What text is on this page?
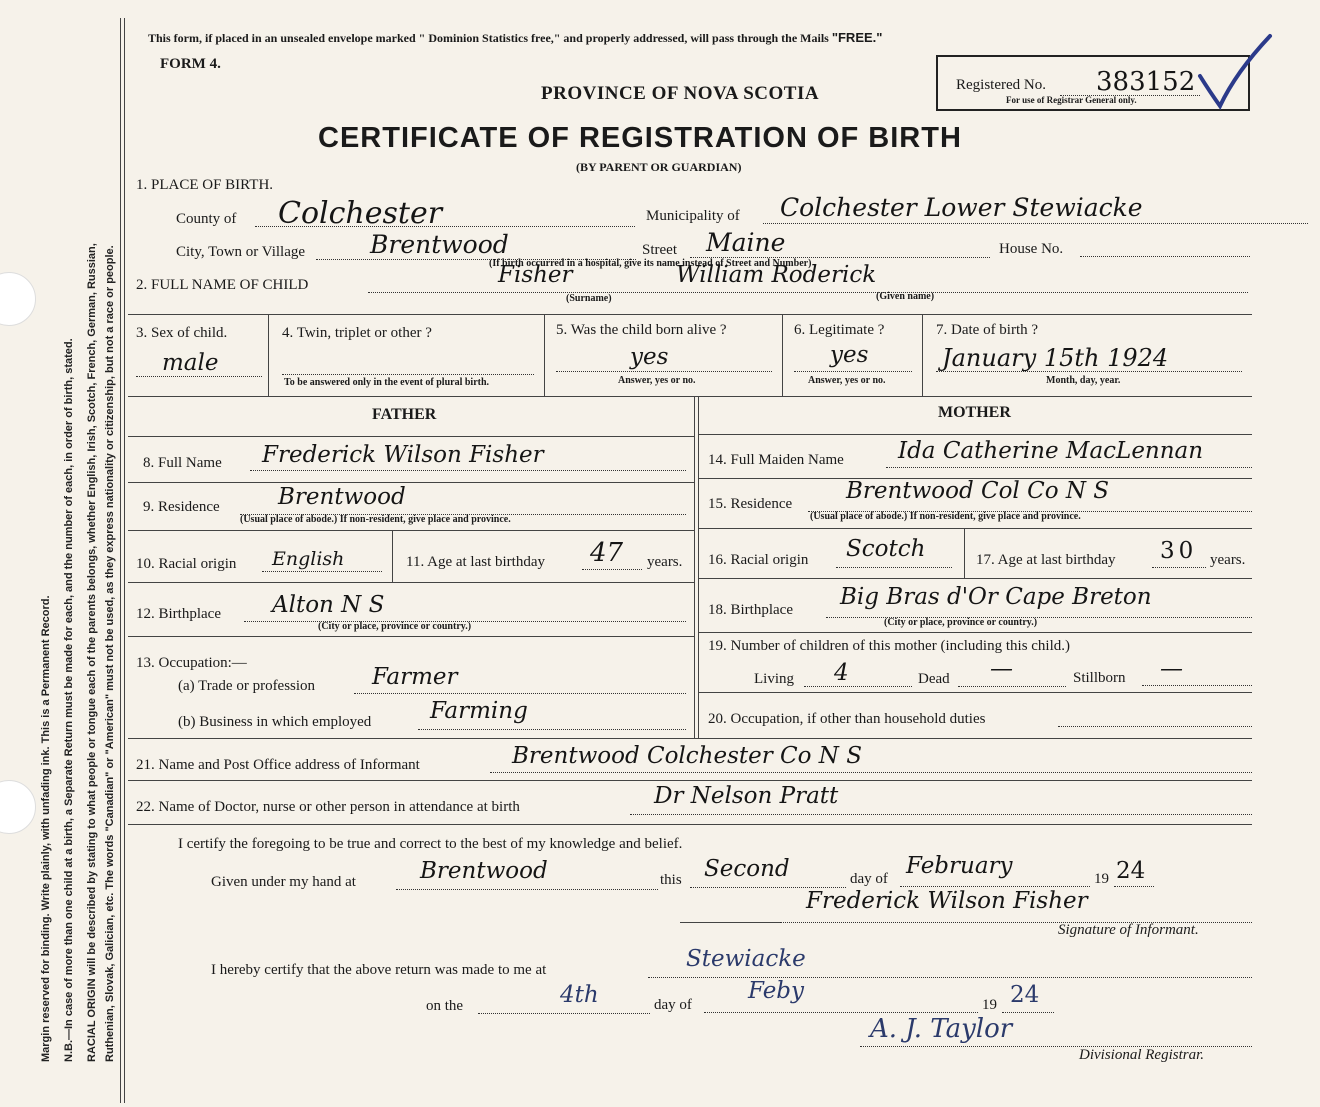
Margin reserved for binding. Write plainly, with unfading ink. This is a Permanent Record. N.B.—In case of more than one child at a birth, a Separate Return must be made for each, and the number of each, in order of birth, stated. RACIAL ORIGIN will be described by stating to what people or tongue each of the parents belongs, whether English, Irish, Scotch, French, German, Russian, Ruthenian, Slovak, Galician, etc. The words "Canadian" or "American" must not be used, as they express nationality or citizenship, but not a race or people.
This form, if placed in an unsealed envelope marked " Dominion Statistics free," and properly addressed, will pass through the Mails "FREE."
FORM 4.
PROVINCE OF NOVA SCOTIA
CERTIFICATE OF REGISTRATION OF BIRTH
(BY PARENT OR GUARDIAN)
Registered No. 383152
For use of Registrar General only.
1. PLACE OF BIRTH.
County of Colchester	Municipality of Colchester Lower Stewiacke
City, Town or Village	Brentwood	Street Maine	House No.
(If birth occurred in a hospital, give its name instead of Street and Number)
2. FULL NAME OF CHILD	Fisher	William Roderick
(Surname)	(Given name)
3. Sex of child.
male
4. Twin, triplet or other ?
To be answered only in the event of plural birth.
5. Was the child born alive ?
yes
Answer, yes or no.
6. Legitimate ?
yes
Answer, yes or no.
7. Date of birth ?
January 15th 1924
Month, day, year.
FATHER	MOTHER
8. Full Name Frederick Wilson Fisher
9. Residence	Brentwood
(Usual place of abode.) If non-resident, give place and province.
10. Racial origin English	11. Age at last birthday 47 years.
12. Birthplace Alton N S
(City or place, province or country.)
13. Occupation:—
(a) Trade or profession Farmer
(b) Business in which employed	Farming
14. Full Maiden Name Ida Catherine MacLennan
15. Residence Brentwood Col Co N S
(Usual place of abode.) If non-resident, give place and province.
16. Racial origin Scotch	17. Age at last birthday 30 years.
18. Birthplace Big Bras d'Or Cape Breton
(City or place, province or country.)
19. Number of children of this mother (including this child.)
Living 4	Dead —	Stillborn —
20. Occupation, if other than household duties
21. Name and Post Office address of Informant	Brentwood Colchester Co N S
22. Name of Doctor, nurse or other person in attendance at birth	Dr Nelson Pratt
I certify the foregoing to be true and correct to the best of my knowledge and belief.
Given under my hand at	Brentwood	this Second	day of February	19 24
Frederick Wilson Fisher
Signature of Informant.
I hereby certify that the above return was made to me at	Stewiacke
on the	4th	day of
Feby
19 24
A. J. Taylor
Divisional Registrar.
